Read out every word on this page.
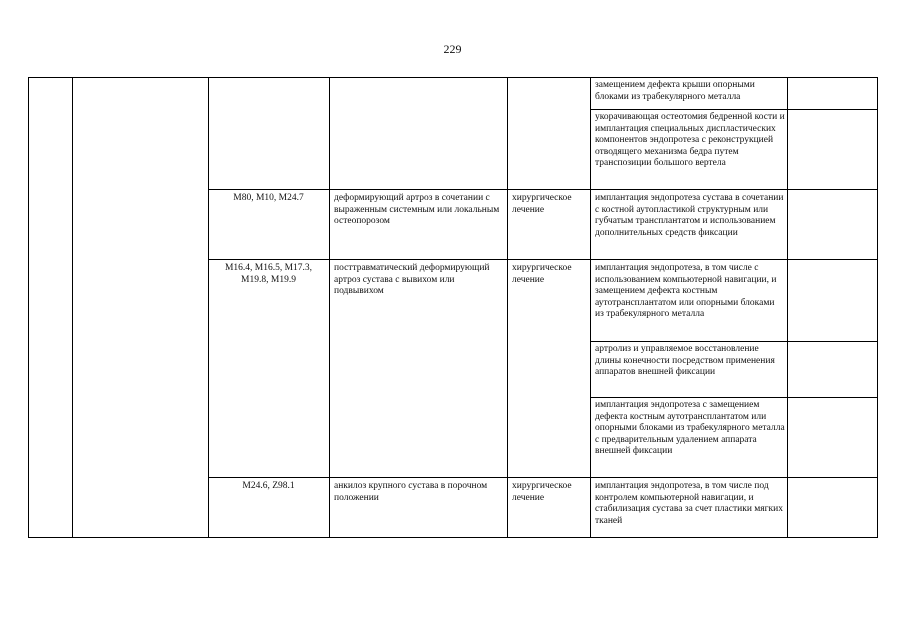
229
замещением дефекта крыши опорными блоками из трабекулярного металла
укорачивающая остеотомия бедренной кости и имплантация специальных диспластических компонентов эндопротеза с реконструкцией отводящего механизма бедра путем транспозиции большого вертела
M80, M10, M24.7	деформирующий артроз в сочетании с выраженным системным или локальным остеопорозом
хирургическое лечение
имплантация эндопротеза сустава в сочетании с костной аутопластикой структурным или губчатым трансплантатом и использованием дополнительных средств фиксации
M16.4, M16.5, M17.3, M19.8, M19.9
посттравматический деформирующий артроз сустава с вывихом или подвывихом
хирургическое лечение
имплантация эндопротеза, в том числе с использованием компьютерной навигации, и замещением дефекта костным аутотрансплантатом или опорными блоками из трабекулярного металла
артролиз и управляемое восстановление длины конечности посредством применения аппаратов внешней фиксации
имплантация эндопротеза с замещением дефекта костным аутотрансплантатом или опорными блоками из трабекулярного металла с предварительным удалением аппарата внешней фиксации
M24.6, Z98.1	анкилоз крупного сустава в порочном положении
хирургическое лечение
имплантация эндопротеза, в том числе под контролем компьютерной навигации, и стабилизация сустава за счет пластики мягких тканей
